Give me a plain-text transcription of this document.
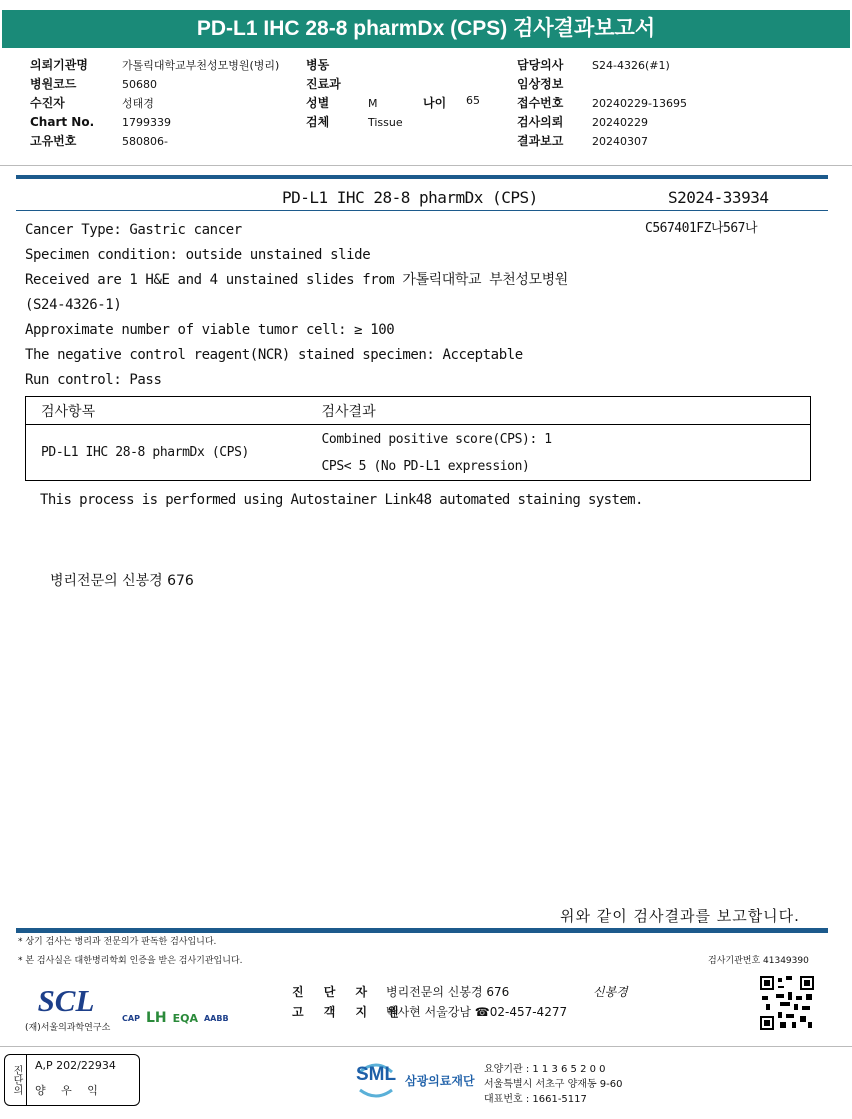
PD-L1 IHC 28-8 pharmDx (CPS) 검사결과보고서
의뢰기관명	가톨릭대학교부천성모병원(병리)
병원코드	50680
수진자	성태경
Chart No.	1799339
고유번호	580806-
병동
진료과
성별	M
검체	Tissue
나이 65
담당의사	S24-4326(#1)
임상정보
접수번호	20240229-13695
검사의뢰	20240229
결과보고	20240307
PD-L1 IHC 28-8 pharmDx (CPS)	S2024-33934
C567401FZ나567나
Cancer Type: Gastric cancer
Specimen condition: outside unstained slide
Received are 1 H&E and 4 unstained slides from 가톨릭대학교 부천성모병원
(S24-4326-1)
Approximate number of viable tumor cell: ≥ 100
The negative control reagent(NCR) stained specimen: Acceptable
Run control: Pass
검사항목	검사결과
PD-L1 IHC 28-8 pharmDx (CPS)	Combined positive score(CPS): 1
CPS< 5 (No PD-L1 expression)
This process is performed using Autostainer Link48 automated staining system.
병리전문의 신봉경 676
위와 같이 검사결과를 보고합니다.
* 상기 검사는 병리과 전문의가 판독한 검사입니다.
* 본 검사실은 대한병리학회 인증을 받은 검사기관입니다.	검사기관번호 41349390
SCL
(재)서울의과학연구소
CAP LH EQA AABB
진 단 자 병리전문의 신봉경 676
고 객 지 원
박사현 서울강남 ☎02-457-4277
신봉경
진단의	A,P 202/22934
양 우 익
SML 삼광의료재단
요양기관 : 1 1 3 6 5 2 0 0
서울특별시 서초구 양재동 9-60
대표번호 : 1661-5117
